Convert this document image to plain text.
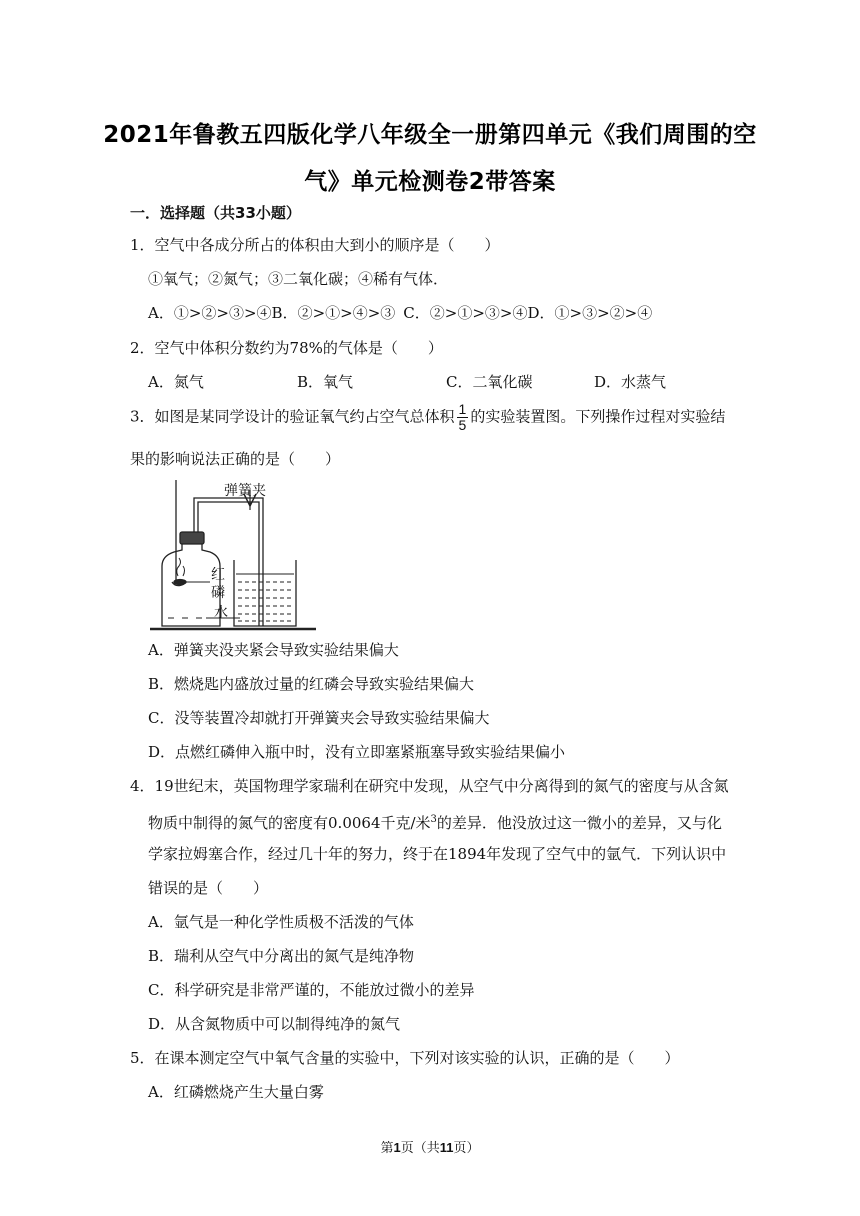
2021年鲁教五四版化学八年级全一册第四单元《我们周围的空
气》单元检测卷2带答案
一．选择题（共33小题）
1．空气中各成分所占的体积由大到小的顺序是（　　）
①氧气；②氮气；③二氧化碳；④稀有气体．
A．①>②>③>④B．②>①>④>③ C．②>①>③>④D．①>③>②>④
2．空气中体积分数约为78%的气体是（　　）
A．氮气	B．氧气	C．二氧化碳	D．水蒸气
3．如图是某同学设计的验证氧气约占空气总体积 $\frac{1}{5}$ 的实验装置图。下列操作过程对实验结
果的影响说法正确的是（　　）
弹簧夹
红
磷
水
A．弹簧夹没夹紧会导致实验结果偏大
B．燃烧匙内盛放过量的红磷会导致实验结果偏大
C．没等装置冷却就打开弹簧夹会导致实验结果偏大
D．点燃红磷伸入瓶中时，没有立即塞紧瓶塞导致实验结果偏小
4．19世纪末，英国物理学家瑞利在研究中发现，从空气中分离得到的氮气的密度与从含氮
物质中制得的氮气的密度有0.0064千克/米$^3$的差异．他没放过这一微小的差异，又与化
学家拉姆塞合作，经过几十年的努力，终于在1894年发现了空气中的氩气．下列认识中
错误的是（　　）
A．氩气是一种化学性质极不活泼的气体
B．瑞利从空气中分离出的氮气是纯净物
C．科学研究是非常严谨的，不能放过微小的差异
D．从含氮物质中可以制得纯净的氮气
5．在课本测定空气中氧气含量的实验中，下列对该实验的认识，正确的是（　　）
A．红磷燃烧产生大量白雾
第1页（共11页）
